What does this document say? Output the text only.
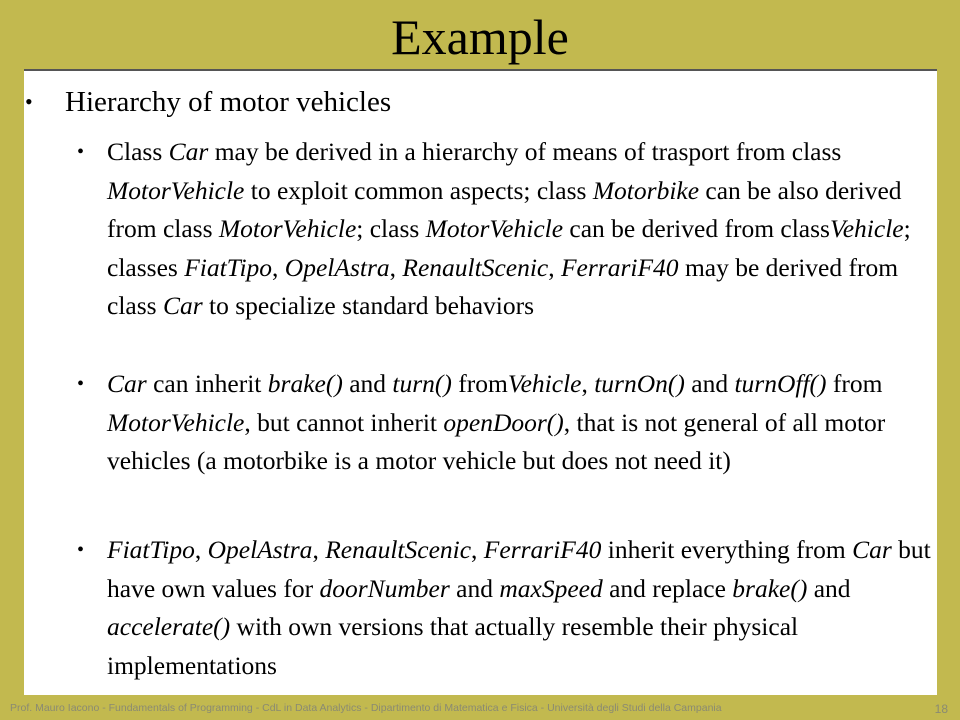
Example
• Hierarchy of motor vehicles
• Class Car may be derived in a hierarchy of means of trasport from class MotorVehicle to exploit common aspects; class Motorbike can be also derived from class MotorVehicle; class MotorVehicle can be derived from classVehicle; classes FiatTipo, OpelAstra, RenaultScenic, FerrariF40 may be derived from class Car to specialize standard behaviors
• Car can inherit brake() and turn() fromVehicle, turnOn() and turnOff() from MotorVehicle, but cannot inherit openDoor(), that is not general of all motor vehicles (a motorbike is a motor vehicle but does not need it)
• FiatTipo, OpelAstra, RenaultScenic, FerrariF40 inherit everything from Car but have own values for doorNumber and maxSpeed and replace brake() and accelerate() with own versions that actually resemble their physical implementations
Prof. Mauro Iacono - Fundamentals of Programming - CdL in Data Analytics - Dipartimento di Matematica e Fisica - Università degli Studi della Campania	18
